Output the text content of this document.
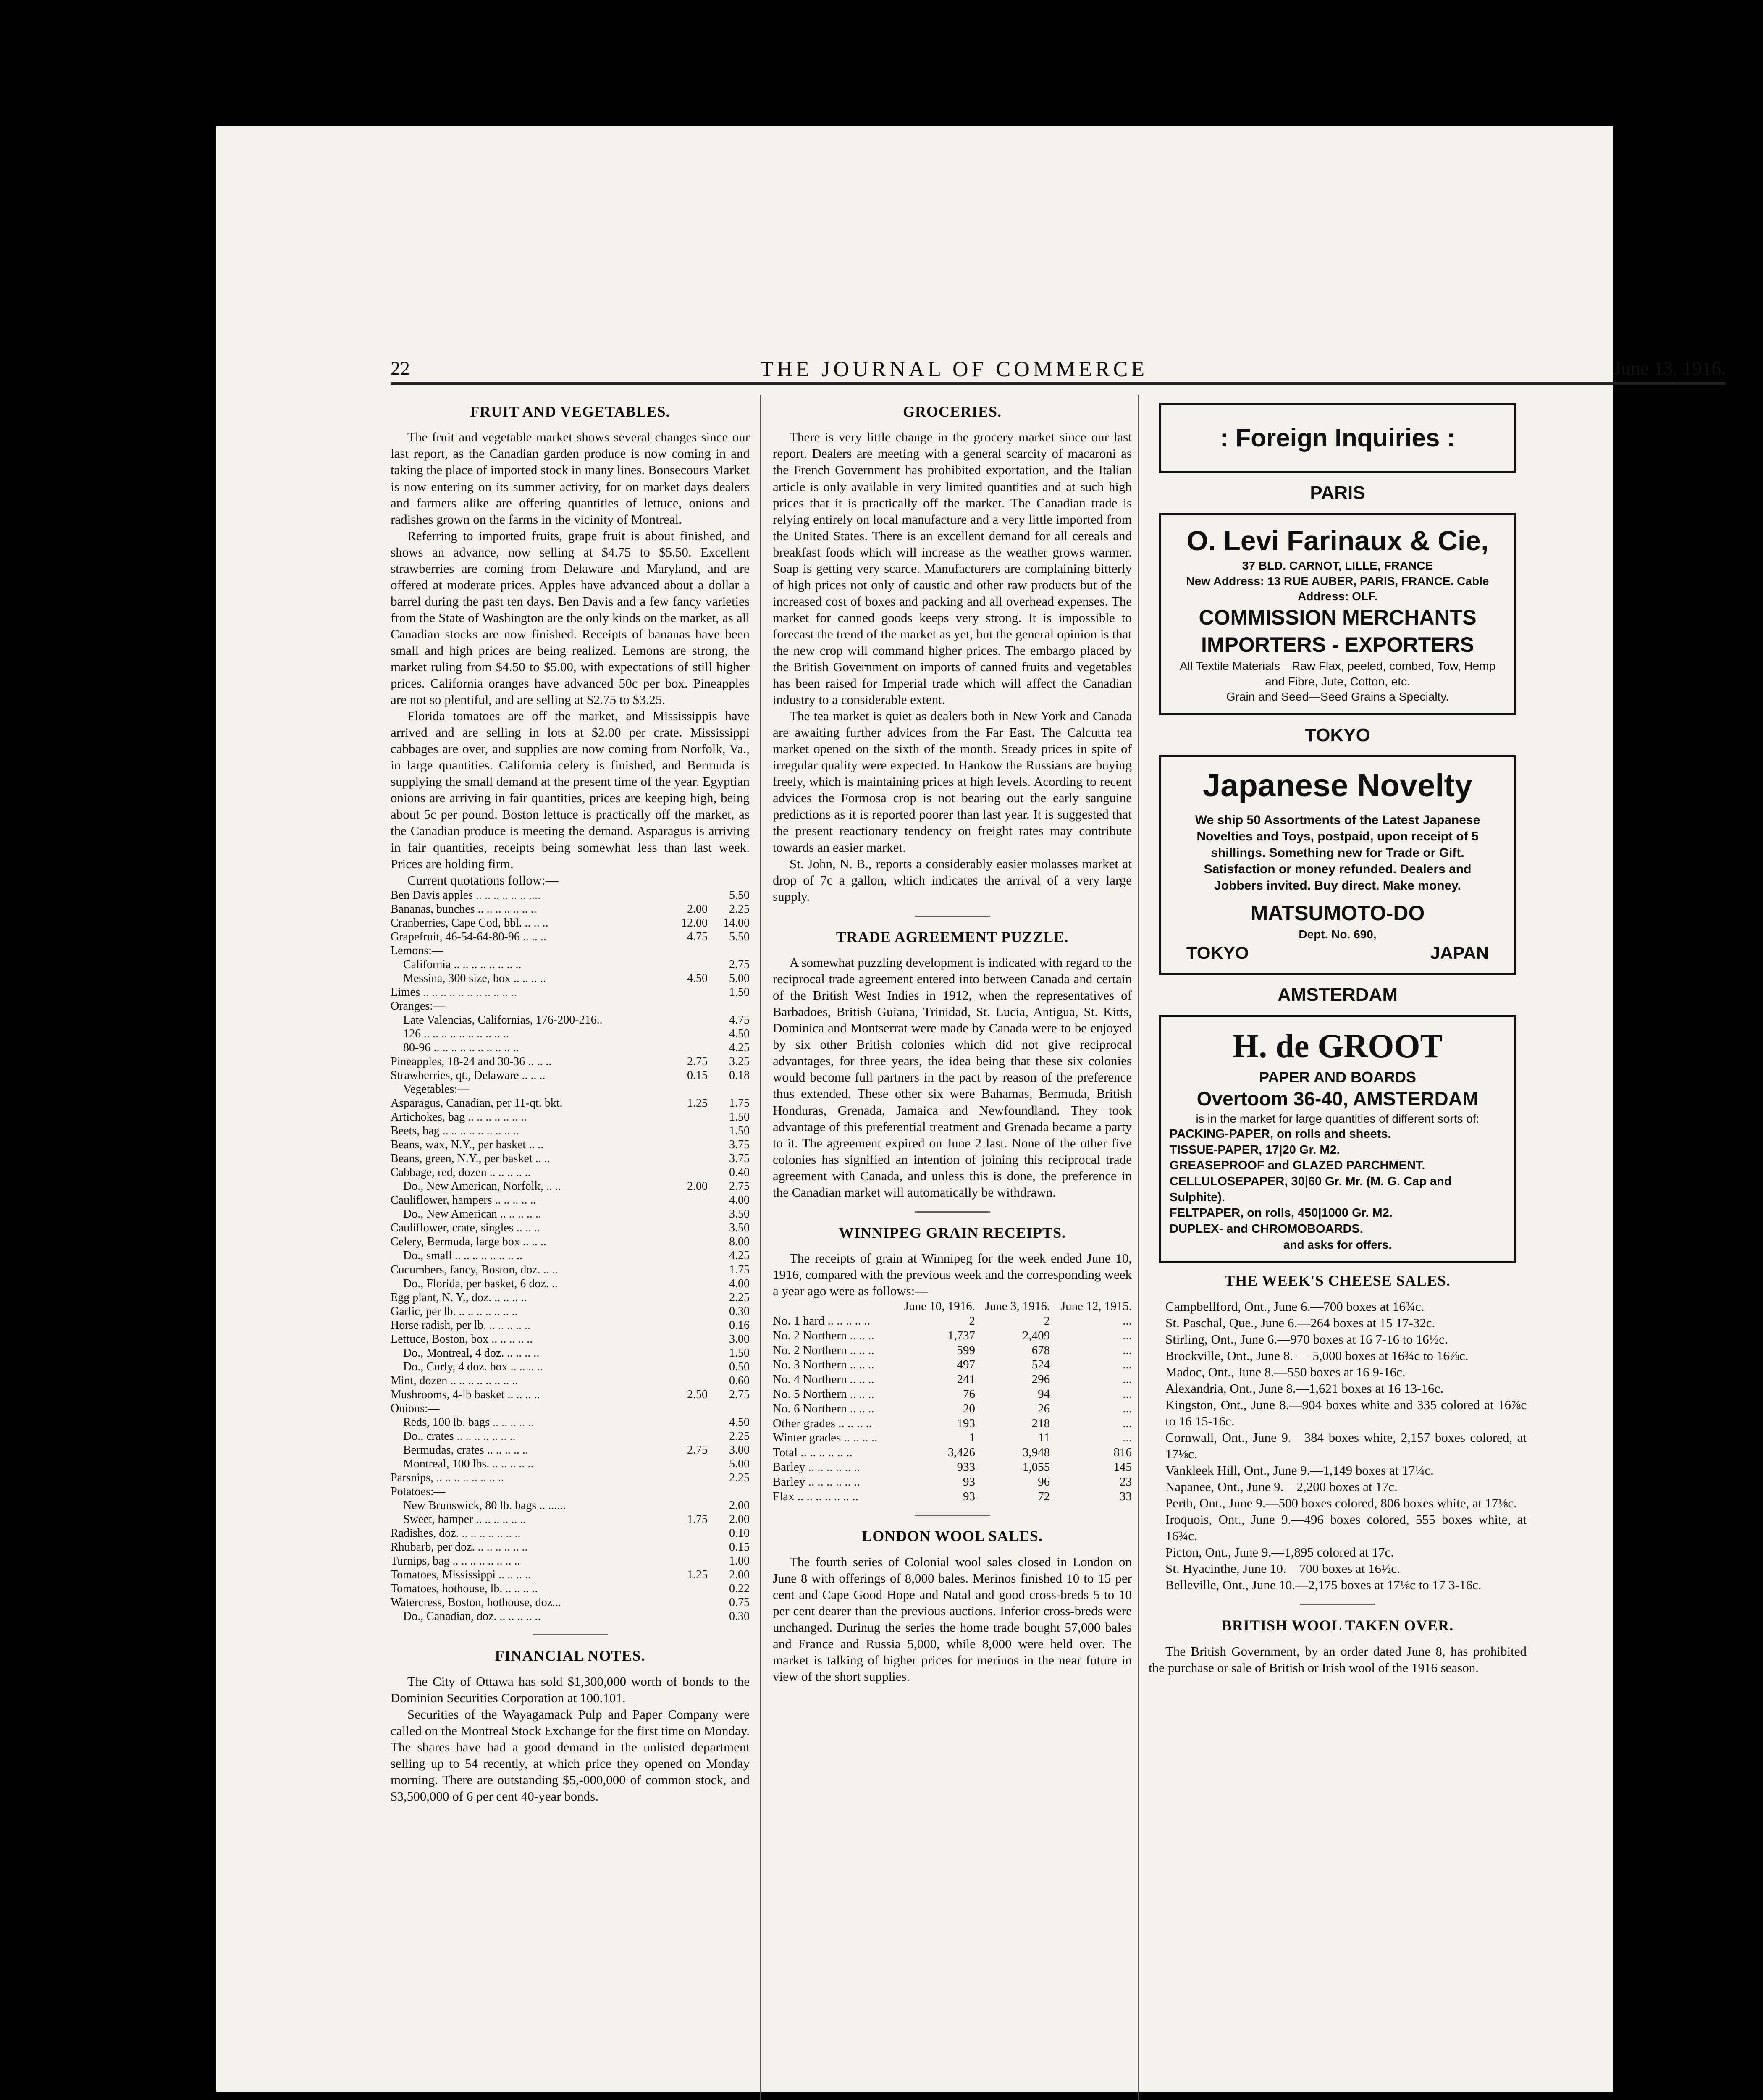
22	THE JOURNAL OF COMMERCE	June 13, 1916.
FRUIT AND VEGETABLES.

The fruit and vegetable market shows several changes since our last report, as the Canadian garden produce is now coming in and taking the place of imported stock in many lines. Bonsecours Market is now entering on its summer activity, for on market days dealers and farmers alike are offering quantities of lettuce, onions and radishes grown on the farms in the vicinity of Montreal.

Referring to imported fruits, grape fruit is about finished, and shows an advance, now selling at $4.75 to $5.50. Excellent strawberries are coming from Delaware and Maryland, and are offered at moderate prices. Apples have advanced about a dollar a barrel during the past ten days. Ben Davis and a few fancy varieties from the State of Washington are the only kinds on the market, as all Canadian stocks are now finished. Receipts of bananas have been small and high prices are being realized. Lemons are strong, the market ruling from $4.50 to $5.00, with expectations of still higher prices. California oranges have advanced 50c per box. Pineapples are not so plentiful, and are selling at $2.75 to $3.25.

Florida tomatoes are off the market, and Mississippis have arrived and are selling in lots at $2.00 per crate. Mississippi cabbages are over, and supplies are now coming from Norfolk, Va., in large quantities. California celery is finished, and Bermuda is supplying the small demand at the present time of the year. Egyptian onions are arriving in fair quantities, prices are keeping high, being about 5c per pound. Boston lettuce is practically off the market, as the Canadian produce is meeting the demand. Asparagus is arriving in fair quantities, receipts being somewhat less than last week. Prices are holding firm.

Current quotations follow:—

Ben Davis apples .. .. .. .. .. .. ....		5.50
Bananas, bunches .. .. .. .. .. .. ..	2.00	2.25
Cranberries, Cape Cod, bbl. .. .. ..	12.00	14.00
Grapefruit, 46-54-64-80-96 .. .. ..	4.75	5.50
Lemons:—		
California .. .. .. .. .. .. .. ..		2.75
Messina, 300 size, box .. .. .. ..	4.50	5.00
Limes .. .. .. .. .. .. .. .. .. .. ..		1.50
Oranges:—		
Late Valencias, Californias, 176-200-216..		4.75
126 .. .. .. .. .. .. .. .. .. ..		4.50
80-96 .. .. .. .. .. .. .. .. .. ..		4.25
Pineapples, 18-24 and 30-36 .. .. ..	2.75	3.25
Strawberries, qt., Delaware .. .. ..	0.15	0.18
Vegetables:—		
Asparagus, Canadian, per 11-qt. bkt.	1.25	1.75
Artichokes, bag .. .. .. .. .. .. ..		1.50
Beets, bag .. .. .. .. .. .. .. .. ..		1.50
Beans, wax, N.Y., per basket .. ..		3.75
Beans, green, N.Y., per basket .. ..		3.75
Cabbage, red, dozen .. .. .. .. ..		0.40
Do., New American, Norfolk, .. ..	2.00	2.75
Cauliflower, hampers .. .. .. .. ..		4.00
Do., New American .. .. .. .. ..		3.50
Cauliflower, crate, singles .. .. ..		3.50
Celery, Bermuda, large box .. .. ..		8.00
Do., small .. .. .. .. .. .. .. ..		4.25
Cucumbers, fancy, Boston, doz. .. ..		1.75
Do., Florida, per basket, 6 doz. ..		4.00
Egg plant, N. Y., doz. .. .. .. ..		2.25
Garlic, per lb. .. .. .. .. .. .. ..		0.30
Horse radish, per lb. .. .. .. .. ..		0.16
Lettuce, Boston, box .. .. .. .. ..		3.00
Do., Montreal, 4 doz. .. .. .. ..		1.50
Do., Curly, 4 doz. box .. .. .. ..		0.50
Mint, dozen .. .. .. .. .. .. .. ..		0.60
Mushrooms, 4-lb basket .. .. .. ..	2.50	2.75
Onions:—		
Reds, 100 lb. bags .. .. .. .. ..		4.50
Do., crates .. .. .. .. .. .. ..		2.25
Bermudas, crates .. .. .. .. ..	2.75	3.00
Montreal, 100 lbs. .. .. .. .. ..		5.00
Parsnips, .. .. .. .. .. .. .. ..		2.25
Potatoes:—		
New Brunswick, 80 lb. bags .. ......		2.00
Sweet, hamper .. .. .. .. .. ..	1.75	2.00
Radishes, doz. .. .. .. .. .. .. ..		0.10
Rhubarb, per doz. .. .. .. .. .. ..		0.15
Turnips, bag .. .. .. .. .. .. .. ..		1.00
Tomatoes, Mississippi .. .. .. ..	1.25	2.00
Tomatoes, hothouse, lb. .. .. .. ..		0.22
Watercress, Boston, hothouse, doz...		0.75
Do., Canadian, doz. .. .. .. .. ..		0.30
FINANCIAL NOTES.

The City of Ottawa has sold $1,300,000 worth of bonds to the Dominion Securities Corporation at 100.101.

Securities of the Wayagamack Pulp and Paper Company were called on the Montreal Stock Exchange for the first time on Monday. The shares have had a good demand in the unlisted department selling up to 54 recently, at which price they opened on Monday morning. There are outstanding $5,-000,000 of common stock, and $3,500,000 of 6 per cent 40-year bonds.

GROCERIES.

There is very little change in the grocery market since our last report. Dealers are meeting with a general scarcity of macaroni as the French Government has prohibited exportation, and the Italian article is only available in very limited quantities and at such high prices that it is practically off the market. The Canadian trade is relying entirely on local manufacture and a very little imported from the United States. There is an excellent demand for all cereals and breakfast foods which will increase as the weather grows warmer. Soap is getting very scarce. Manufacturers are complaining bitterly of high prices not only of caustic and other raw products but of the increased cost of boxes and packing and all overhead expenses. The market for canned goods keeps very strong. It is impossible to forecast the trend of the market as yet, but the general opinion is that the new crop will command higher prices. The embargo placed by the British Government on imports of canned fruits and vegetables has been raised for Imperial trade which will affect the Canadian industry to a considerable extent.

The tea market is quiet as dealers both in New York and Canada are awaiting further advices from the Far East. The Calcutta tea market opened on the sixth of the month. Steady prices in spite of irregular quality were expected. In Hankow the Russians are buying freely, which is maintaining prices at high levels. Acording to recent advices the Formosa crop is not bearing out the early sanguine predictions as it is reported poorer than last year. It is suggested that the present reactionary tendency on freight rates may contribute towards an easier market.

St. John, N. B., reports a considerably easier molasses market at drop of 7c a gallon, which indicates the arrival of a very large supply.

TRADE AGREEMENT PUZZLE.

A somewhat puzzling development is indicated with regard to the reciprocal trade agreement entered into between Canada and certain of the British West Indies in 1912, when the representatives of Barbadoes, British Guiana, Trinidad, St. Lucia, Antigua, St. Kitts, Dominica and Montserrat were made by Canada were to be enjoyed by six other British colonies which did not give reciprocal advantages, for three years, the idea being that these six colonies would become full partners in the pact by reason of the preference thus extended. These other six were Bahamas, Bermuda, British Honduras, Grenada, Jamaica and Newfoundland. They took advantage of this preferential treatment and Grenada became a party to it. The agreement expired on June 2 last. None of the other five colonies has signified an intention of joining this reciprocal trade agreement with Canada, and unless this is done, the preference in the Canadian market will automatically be withdrawn.

WINNIPEG GRAIN RECEIPTS.

The receipts of grain at Winnipeg for the week ended June 10, 1916, compared with the previous week and the corresponding week a year ago were as follows:—

	June 10, 1916.	June 3, 1916.	June 12, 1915.
No. 1 hard .. .. .. .. ..	2	2	...
No. 2 Northern .. .. ..	1,737	2,409	...
No. 2 Northern .. .. ..	599	678	...
No. 3 Northern .. .. ..	497	524	...
No. 4 Northern .. .. ..	241	296	...
No. 5 Northern .. .. ..	76	94	...
No. 6 Northern .. .. ..	20	26	...
Other grades .. .. .. ..	193	218	...
Winter grades .. .. .. ..	1	11	...
Total .. .. .. .. .. ..	3,426	3,948	816
Barley .. .. .. .. .. ..	933	1,055	145
Barley .. .. .. .. .. ..	93	96	23
Flax .. .. .. .. .. .. ..	93	72	33
LONDON WOOL SALES.

The fourth series of Colonial wool sales closed in London on June 8 with offerings of 8,000 bales. Merinos finished 10 to 15 per cent and Cape Good Hope and Natal and good cross-breds 5 to 10 per cent dearer than the previous auctions. Inferior cross-breds were unchanged. Durinug the series the home trade bought 57,000 bales and France and Russia 5,000, while 8,000 were held over. The market is talking of higher prices for merinos in the near future in view of the short supplies.

: Foreign Inquiries :
PARIS
O. Levi Farinaux & Cie,
37 BLD. CARNOT, LILLE, FRANCE
New Address: 13 RUE AUBER, PARIS, FRANCE. Cable Address: OLF.
COMMISSION MERCHANTS
IMPORTERS - EXPORTERS
All Textile Materials—Raw Flax, peeled, combed, Tow, Hemp and Fibre, Jute, Cotton, etc.
Grain and Seed—Seed Grains a Specialty.
TOKYO
Japanese Novelty
We ship 50 Assortments of the Latest Japanese Novelties and Toys, postpaid, upon receipt of 5 shillings. Something new for Trade or Gift. Satisfaction or money refunded. Dealers and Jobbers invited. Buy direct. Make money.
MATSUMOTO-DO
Dept. No. 690,
TOKYO	JAPAN
AMSTERDAM
H. de GROOT
PAPER AND BOARDS
Overtoom 36-40, AMSTERDAM
is in the market for large quantities of different sorts of:
PACKING-PAPER, on rolls and sheets.
TISSUE-PAPER, 17|20 Gr. M2.
GREASEPROOF and GLAZED PARCHMENT.
CELLULOSEPAPER, 30|60 Gr. Mr. (M. G. Cap and Sulphite).
FELTPAPER, on rolls, 450|1000 Gr. M2.
DUPLEX- and CHROMOBOARDS.
and asks for offers.
THE WEEK'S CHEESE SALES.

Campbellford, Ont., June 6.—700 boxes at 16¾c.

St. Paschal, Que., June 6.—264 boxes at 15 17-32c.

Stirling, Ont., June 6.—970 boxes at 16 7-16 to 16½c.

Brockville, Ont., June 8. — 5,000 boxes at 16¾c to 16⅞c.

Madoc, Ont., June 8.—550 boxes at 16 9-16c.

Alexandria, Ont., June 8.—1,621 boxes at 16 13-16c.

Kingston, Ont., June 8.—904 boxes white and 335 colored at 16⅞c to 16 15-16c.

Cornwall, Ont., June 9.—384 boxes white, 2,157 boxes colored, at 17⅛c.

Vankleek Hill, Ont., June 9.—1,149 boxes at 17¼c.

Napanee, Ont., June 9.—2,200 boxes at 17c.

Perth, Ont., June 9.—500 boxes colored, 806 boxes white, at 17⅛c.

Iroquois, Ont., June 9.—496 boxes colored, 555 boxes white, at 16¾c.

Picton, Ont., June 9.—1,895 colored at 17c.

St. Hyacinthe, June 10.—700 boxes at 16½c.

Belleville, Ont., June 10.—2,175 boxes at 17⅛c to 17 3-16c.

BRITISH WOOL TAKEN OVER.

The British Government, by an order dated June 8, has prohibited the purchase or sale of British or Irish wool of the 1916 season.
